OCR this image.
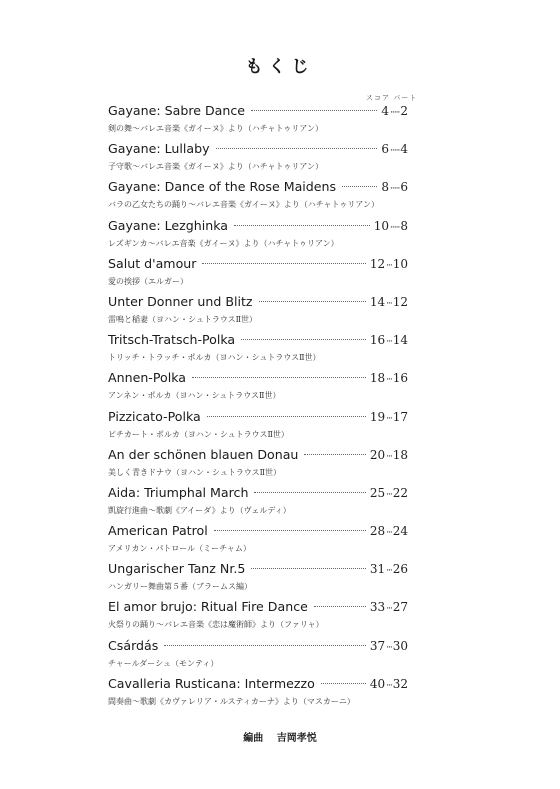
もくじ
スコア パート
Gayane: Sabre Dance	4·····2
剣の舞～バレエ音楽《ガイーヌ》より（ハチャトゥリアン）
Gayane: Lullaby	6·····4
子守歌～バレエ音楽《ガイーヌ》より（ハチャトゥリアン）
Gayane: Dance of the Rose Maidens	8·····6
バラの乙女たちの踊り～バレエ音楽《ガイーヌ》より（ハチャトゥリアン）
Gayane: Lezghinka	10·····8
レズギンカ～バレエ音楽《ガイーヌ》より（ハチャトゥリアン）
Salut d'amour	12···10
愛の挨拶（エルガー）
Unter Donner und Blitz	14···12
雷鳴と稲妻（ヨハン・シュトラウスⅡ世）
Tritsch-Tratsch-Polka	16···14
トリッチ・トラッチ・ポルカ（ヨハン・シュトラウスⅡ世）
Annen-Polka	18···16
アンネン・ポルカ（ヨハン・シュトラウスⅡ世）
Pizzicato-Polka	19···17
ピチカート・ポルカ（ヨハン・シュトラウスⅡ世）
An der schönen blauen Donau	20···18
美しく青きドナウ（ヨハン・シュトラウスⅡ世）
Aida: Triumphal March	25···22
凱旋行進曲～歌劇《アイーダ》より（ヴェルディ）
American Patrol	28···24
アメリカン・パトロール（ミーチャム）
Ungarischer Tanz Nr.5	31···26
ハンガリー舞曲第５番（ブラームス編）
El amor brujo: Ritual Fire Dance	33···27
火祭りの踊り～バレエ音楽《恋は魔術師》より（ファリャ）
Csárdás	37···30
チャールダーシュ（モンティ）
Cavalleria Rusticana: Intermezzo	40···32
間奏曲～歌劇《カヴァレリア・ルスティカーナ》より（マスカーニ）
編曲 吉岡孝悦
